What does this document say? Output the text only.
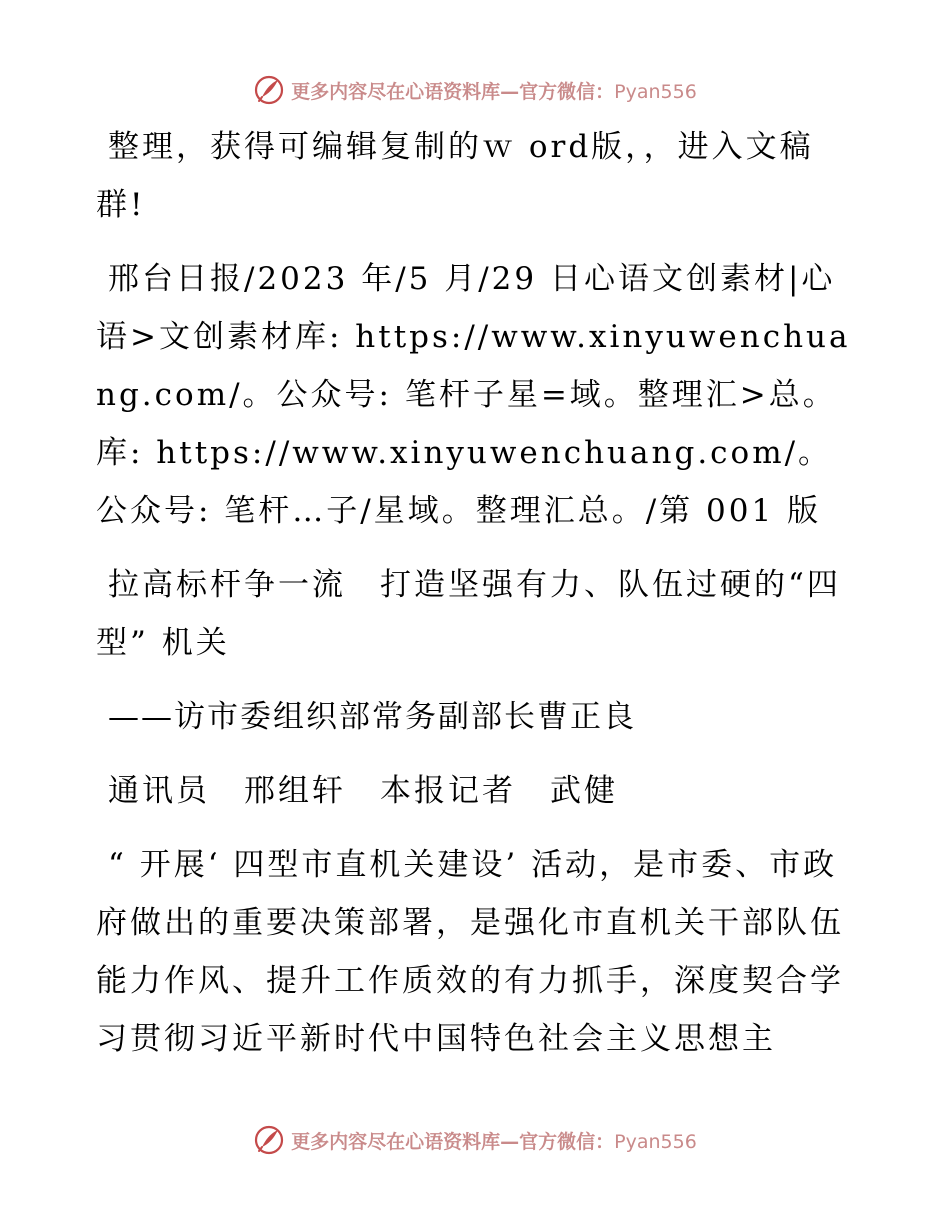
更多内容尽在心语资料库—官方微信：Pyan556

整理，获得可编辑复制的ｗ ord版，，进入文稿群!

邢台日报/2023 年/5 月/29 日心语文创素材|心语>文创素材库: https://www.xinyuwenchuang.com/。公众号: 笔杆子星=域。整理汇>总。库: https://www.xinyuwenchuang.com/。公众号: 笔杆…子/星域。整理汇总。/第 001 版

拉高标杆争一流　打造坚强有力、队伍过硬的“四型” 机关

——访市委组织部常务副部长曹正良

通讯员　邢组轩　本报记者　武健

“ 开展‘ 四型市直机关建设’ 活动，是市委、市政府做出的重要决策部署，是强化市直机关干部队伍能力作风、提升工作质效的有力抓手，深度契合学习贯彻习近平新时代中国特色社会主义思想主

更多内容尽在心语资料库—官方微信：Pyan556
